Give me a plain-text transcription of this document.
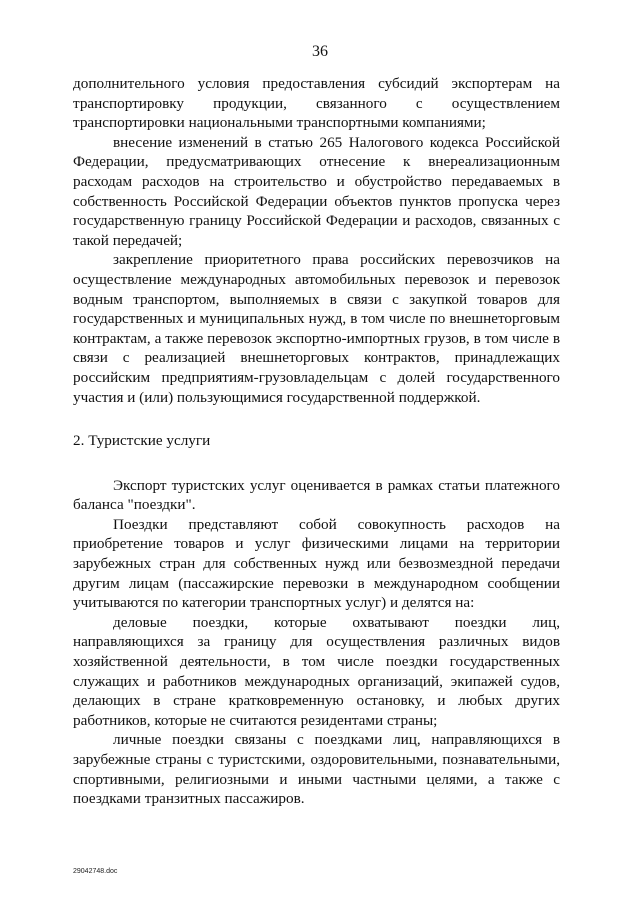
36

дополнительного условия предоставления субсидий экспортерам на транспортировку продукции, связанного с осуществлением транспортировки национальными транспортными компаниями;

внесение изменений в статью 265 Налогового кодекса Российской Федерации, предусматривающих отнесение к внереализационным расходам расходов на строительство и обустройство передаваемых в собственность Российской Федерации объектов пунктов пропуска через государственную границу Российской Федерации и расходов, связанных с такой передачей;

закрепление приоритетного права российских перевозчиков на осуществление международных автомобильных перевозок и перевозок водным транспортом, выполняемых в связи с закупкой товаров для государственных и муниципальных нужд, в том числе по внешнеторговым контрактам, а также перевозок экспортно-импортных грузов, в том числе в связи с реализацией внешнеторговых контрактов, принадлежащих российским предприятиям-грузовладельцам с долей государственного участия и (или) пользующимися государственной поддержкой.

2. Туристские услуги

Экспорт туристских услуг оценивается в рамках статьи платежного баланса "поездки".

Поездки представляют собой совокупность расходов на приобретение товаров и услуг физическими лицами на территории зарубежных стран для собственных нужд или безвозмездной передачи другим лицам (пассажирские перевозки в международном сообщении учитываются по категории транспортных услуг) и делятся на:

деловые поездки, которые охватывают поездки лиц, направляющихся за границу для осуществления различных видов хозяйственной деятельности, в том числе поездки государственных служащих и работников международных организаций, экипажей судов, делающих в стране кратковременную остановку, и любых других работников, которые не считаются резидентами страны;

личные поездки связаны с поездками лиц, направляющихся в зарубежные страны с туристскими, оздоровительными, познавательными, спортивными, религиозными и иными частными целями, а также с поездками транзитных пассажиров.

29042748.doc
